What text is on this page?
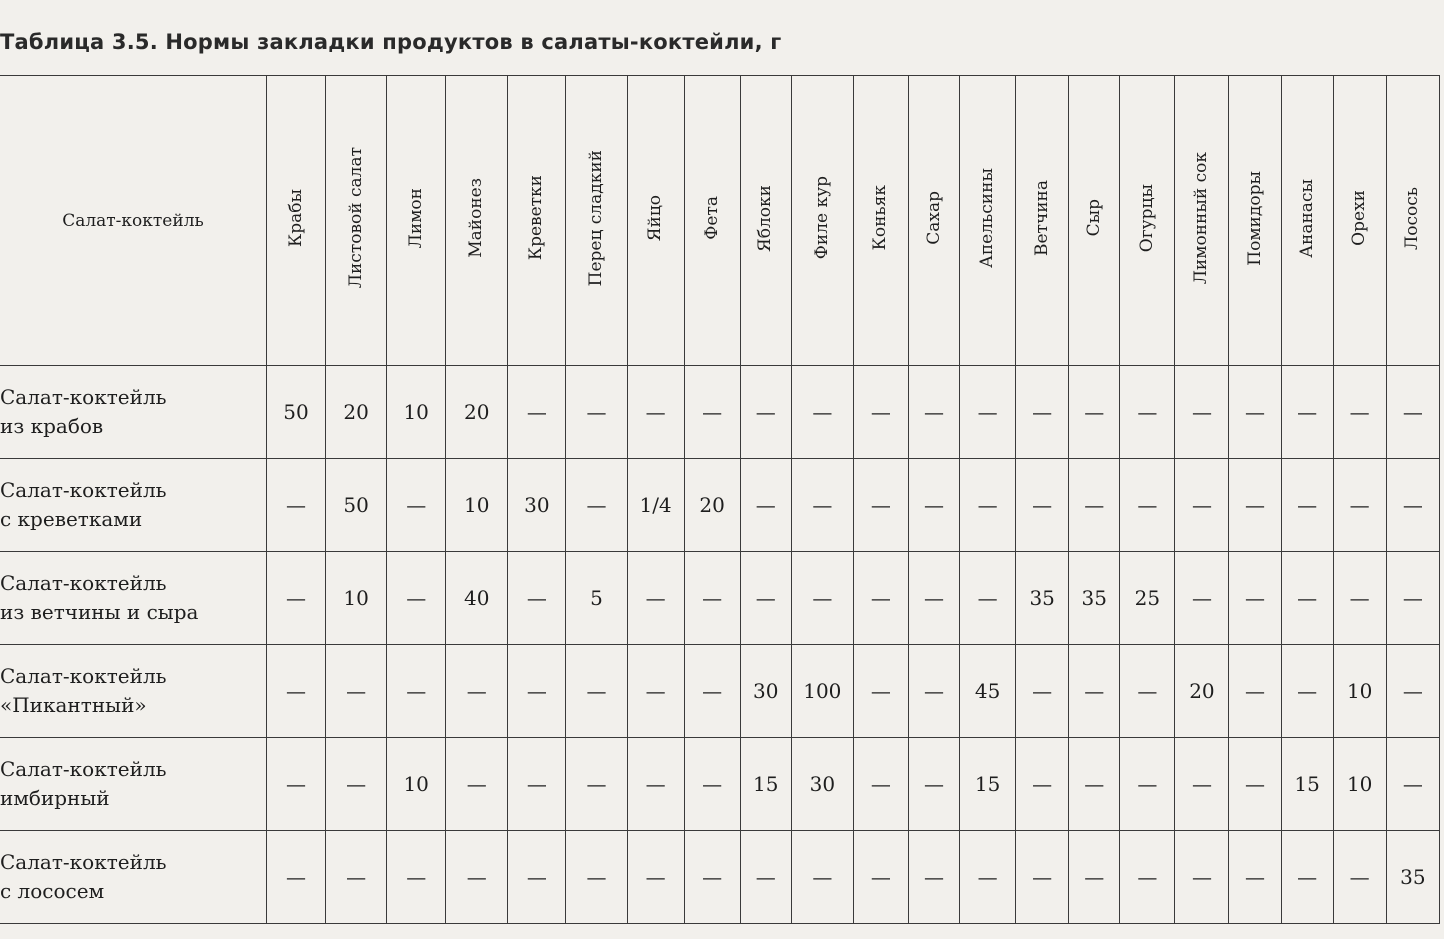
Таблица 3.5. Нормы закладки продуктов в салаты-коктейли, г
Салат-коктейль	Крабы	Листовой салат	Лимон	Майонез	Креветки	Перец сладкий	Яйцо	Фета	Яблоки	Филе кур	Коньяк	Сахар	Апельсины	Ветчина	Сыр	Огурцы	Лимонный сок	Помидоры	Ананасы	Орехи	Лосось

Салат-коктейль
из крабов	50	20	10	20	—	—	—	—	—	—	—	—	—	—	—	—	—	—	—	—	—

Салат-коктейль
с креветками	—	50	—	10	30	—	1/4	20	—	—	—	—	—	—	—	—	—	—	—	—	—

Салат-коктейль
из ветчины и сыра	—	10	—	40	—	5	—	—	—	—	—	—	—	35	35	25	—	—	—	—	—

Салат-коктейль
«Пикантный»	—	—	—	—	—	—	—	—	30	100	—	—	45	—	—	—	20	—	—	10	—

Салат-коктейль
имбирный	—	—	10	—	—	—	—	—	15	30	—	—	15	—	—	—	—	—	15	10	—

Салат-коктейль
с лососем	—	—	—	—	—	—	—	—	—	—	—	—	—	—	—	—	—	—	—	—	35
